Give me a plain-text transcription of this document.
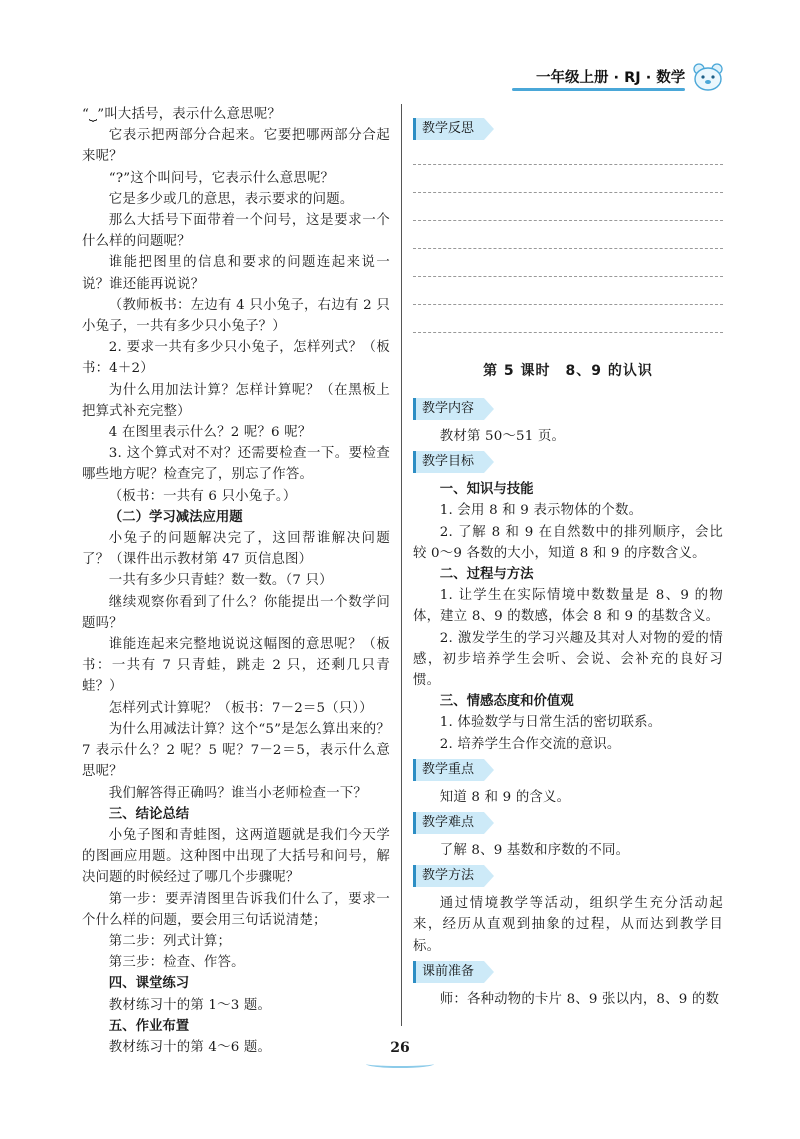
一年级上册 · RJ · 数学

“⏟”叫大括号，表示什么意思呢？

它表示把两部分合起来。它要把哪两部分合起来呢？

“?”这个叫问号，它表示什么意思呢？

它是多少或几的意思，表示要求的问题。

那么大括号下面带着一个问号，这是要求一个什么样的问题呢？

谁能把图里的信息和要求的问题连起来说一说？谁还能再说说？

（教师板书：左边有 4 只小兔子，右边有 2 只小兔子，一共有多少只小兔子？）

2. 要求一共有多少只小兔子，怎样列式？（板书：4＋2）

为什么用加法计算？怎样计算呢？（在黑板上把算式补充完整）

4 在图里表示什么？2 呢？6 呢？

3. 这个算式对不对？还需要检查一下。要检查哪些地方呢？检查完了，别忘了作答。

（板书：一共有 6 只小兔子。）

（二）学习减法应用题

小兔子的问题解决完了，这回帮谁解决问题了？（课件出示教材第 47 页信息图）

一共有多少只青蛙？数一数。（7 只）

继续观察你看到了什么？你能提出一个数学问题吗？

谁能连起来完整地说说这幅图的意思呢？（板书：一共有 7 只青蛙，跳走 2 只，还剩几只青蛙？）

怎样列式计算呢？（板书：7－2＝5（只））

为什么用减法计算？这个“5”是怎么算出来的？7 表示什么？2 呢？5 呢？7－2＝5，表示什么意思呢？

我们解答得正确吗？谁当小老师检查一下？

三、结论总结

小兔子图和青蛙图，这两道题就是我们今天学的图画应用题。这种图中出现了大括号和问号，解决问题的时候经过了哪几个步骤呢？

第一步：要弄清图里告诉我们什么了，要求一个什么样的问题，要会用三句话说清楚；

第二步：列式计算；

第三步：检查、作答。

四、课堂练习

教材练习十的第 1～3 题。

五、作业布置

教材练习十的第 4～6 题。

教学反思

第 5 课时　8、9 的认识

教学内容

教材第 50～51 页。

教学目标

一、知识与技能

1. 会用 8 和 9 表示物体的个数。

2. 了解 8 和 9 在自然数中的排列顺序，会比较 0～9 各数的大小，知道 8 和 9 的序数含义。

二、过程与方法

1. 让学生在实际情境中数数量是 8、9 的物体，建立 8、9 的数感，体会 8 和 9 的基数含义。

2. 激发学生的学习兴趣及其对人对物的爱的情感，初步培养学生会听、会说、会补充的良好习惯。

三、情感态度和价值观

1. 体验数学与日常生活的密切联系。

2. 培养学生合作交流的意识。

教学重点

知道 8 和 9 的含义。

教学难点

了解 8、9 基数和序数的不同。

教学方法

通过情境教学等活动，组织学生充分活动起来，经历从直观到抽象的过程，从而达到教学目标。

课前准备

师：各种动物的卡片 8、9 张以内，8、9 的数

26
